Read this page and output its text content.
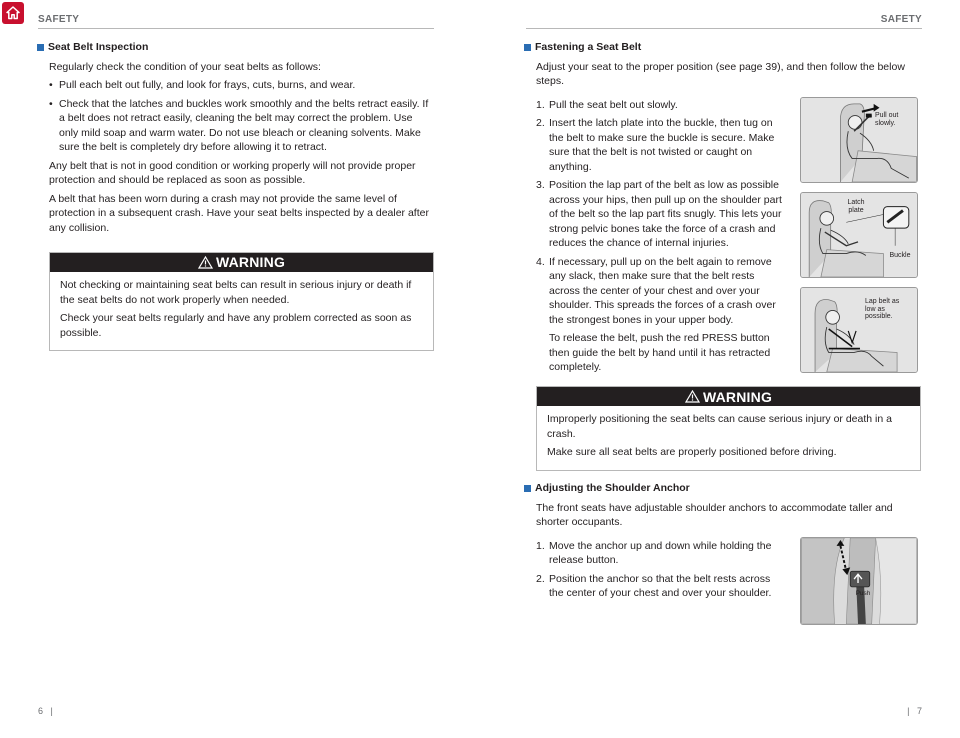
SAFETY	SAFETY
Seat Belt Inspection

Regularly check the condition of your seat belts as follows:

• Pull each belt out fully, and look for frays, cuts, burns, and wear.
• Check that the latches and buckles work smoothly and the belts retract easily. If a belt does not retract easily, cleaning the belt may correct the problem. Use only mild soap and warm water. Do not use bleach or cleaning solvents. Make sure the belt is completely dry before allowing it to retract.

Any belt that is not in good condition or working properly will not provide proper protection and should be replaced as soon as possible.

A belt that has been worn during a crash may not provide the same level of protection in a subsequent crash. Have your seat belts inspected by a dealer after any collision.

WARNING

Not checking or maintaining seat belts can result in serious injury or death if the seat belts do not work properly when needed.

Check your seat belts regularly and have any problem corrected as soon as possible.

Fastening a Seat Belt

Adjust your seat to the proper position (see page 39), and then follow the below steps.

1. Pull the seat belt out slowly.
2. Insert the latch plate into the buckle, then tug on the belt to make sure the buckle is secure. Make sure that the belt is not twisted or caught on anything.
3. Position the lap part of the belt as low as possible across your hips, then pull up on the shoulder part of the belt so the lap part fits snugly. This lets your strong pelvic bones take the force of a crash and reduces the chance of internal injuries.
4. If necessary, pull up on the belt again to remove any slack, then make sure that the belt rests across the center of your chest and over your shoulder. This spreads the forces of a crash over the strongest bones in your upper body.
To release the belt, push the red PRESS button then guide the belt by hand until it has retracted completely.
Pull out slowly.
Latch plate
Buckle
Lap belt as low as possible.
WARNING

Improperly positioning the seat belts can cause serious injury or death in a crash.

Make sure all seat belts are properly positioned before driving.

Adjusting the Shoulder Anchor

The front seats have adjustable shoulder anchors to accommodate taller and shorter occupants.

1. Move the anchor up and down while holding the release button.
2. Position the anchor so that the belt rests across the center of your chest and over your shoulder.	Push
6   |	|   7
